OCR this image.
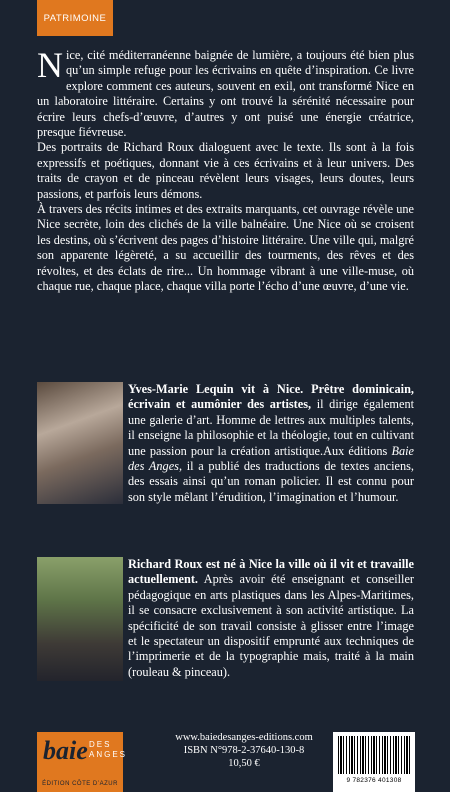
PATRIMOINE

Nice, cité méditerranéenne baignée de lumière, a toujours été bien plus qu’un simple refuge pour les écrivains en quête d’inspiration. Ce livre explore comment ces auteurs, souvent en exil, ont transformé Nice en un laboratoire littéraire. Certains y ont trouvé la sérénité nécessaire pour écrire leurs chefs-d’œuvre, d’autres y ont puisé une énergie créatrice, presque fiévreuse.

Des portraits de Richard Roux dialoguent avec le texte. Ils sont à la fois expressifs et poétiques, donnant vie à ces écrivains et à leur univers. Des traits de crayon et de pinceau révèlent leurs visages, leurs doutes, leurs passions, et parfois leurs démons.

À travers des récits intimes et des extraits marquants, cet ouvrage révèle une Nice secrète, loin des clichés de la ville balnéaire. Une Nice où se croisent les destins, où s’écrivent des pages d’histoire littéraire. Une ville qui, malgré son apparente légèreté, a su accueillir des tourments, des rêves et des révoltes, et des éclats de rire... Un hommage vibrant à une ville-muse, où chaque rue, chaque place, chaque villa porte l’écho d’une œuvre, d’une vie.

Yves-Marie Lequin vit à Nice. Prêtre dominicain, écrivain et aumônier des artistes, il dirige également une galerie d’art. Homme de lettres aux multiples talents, il enseigne la philosophie et la théologie, tout en cultivant une passion pour la création artistique.Aux éditions Baie des Anges, il a publié des traductions de textes anciens, des essais ainsi qu’un roman policier. Il est connu pour son style mêlant l’érudition, l’imagination et l’humour.
Richard Roux est né à Nice la ville où il vit et travaille actuellement. Après avoir été enseignant et conseiller pédagogique en arts plastiques dans les Alpes-Maritimes, il se consacre exclusivement à son activité artistique. La spécificité de son travail consiste à glisser entre l’image et le spectateur un dispositif emprunté aux techniques de l’imprimerie et de la typographie mais, traité à la main (rouleau & pinceau).
baie DES
ANGES
ÉDITION CÔTE D’AZUR
www.baiedesanges-editions.com
ISBN N°978-2-37640-130-8
10,50 €
9 782376 401308
